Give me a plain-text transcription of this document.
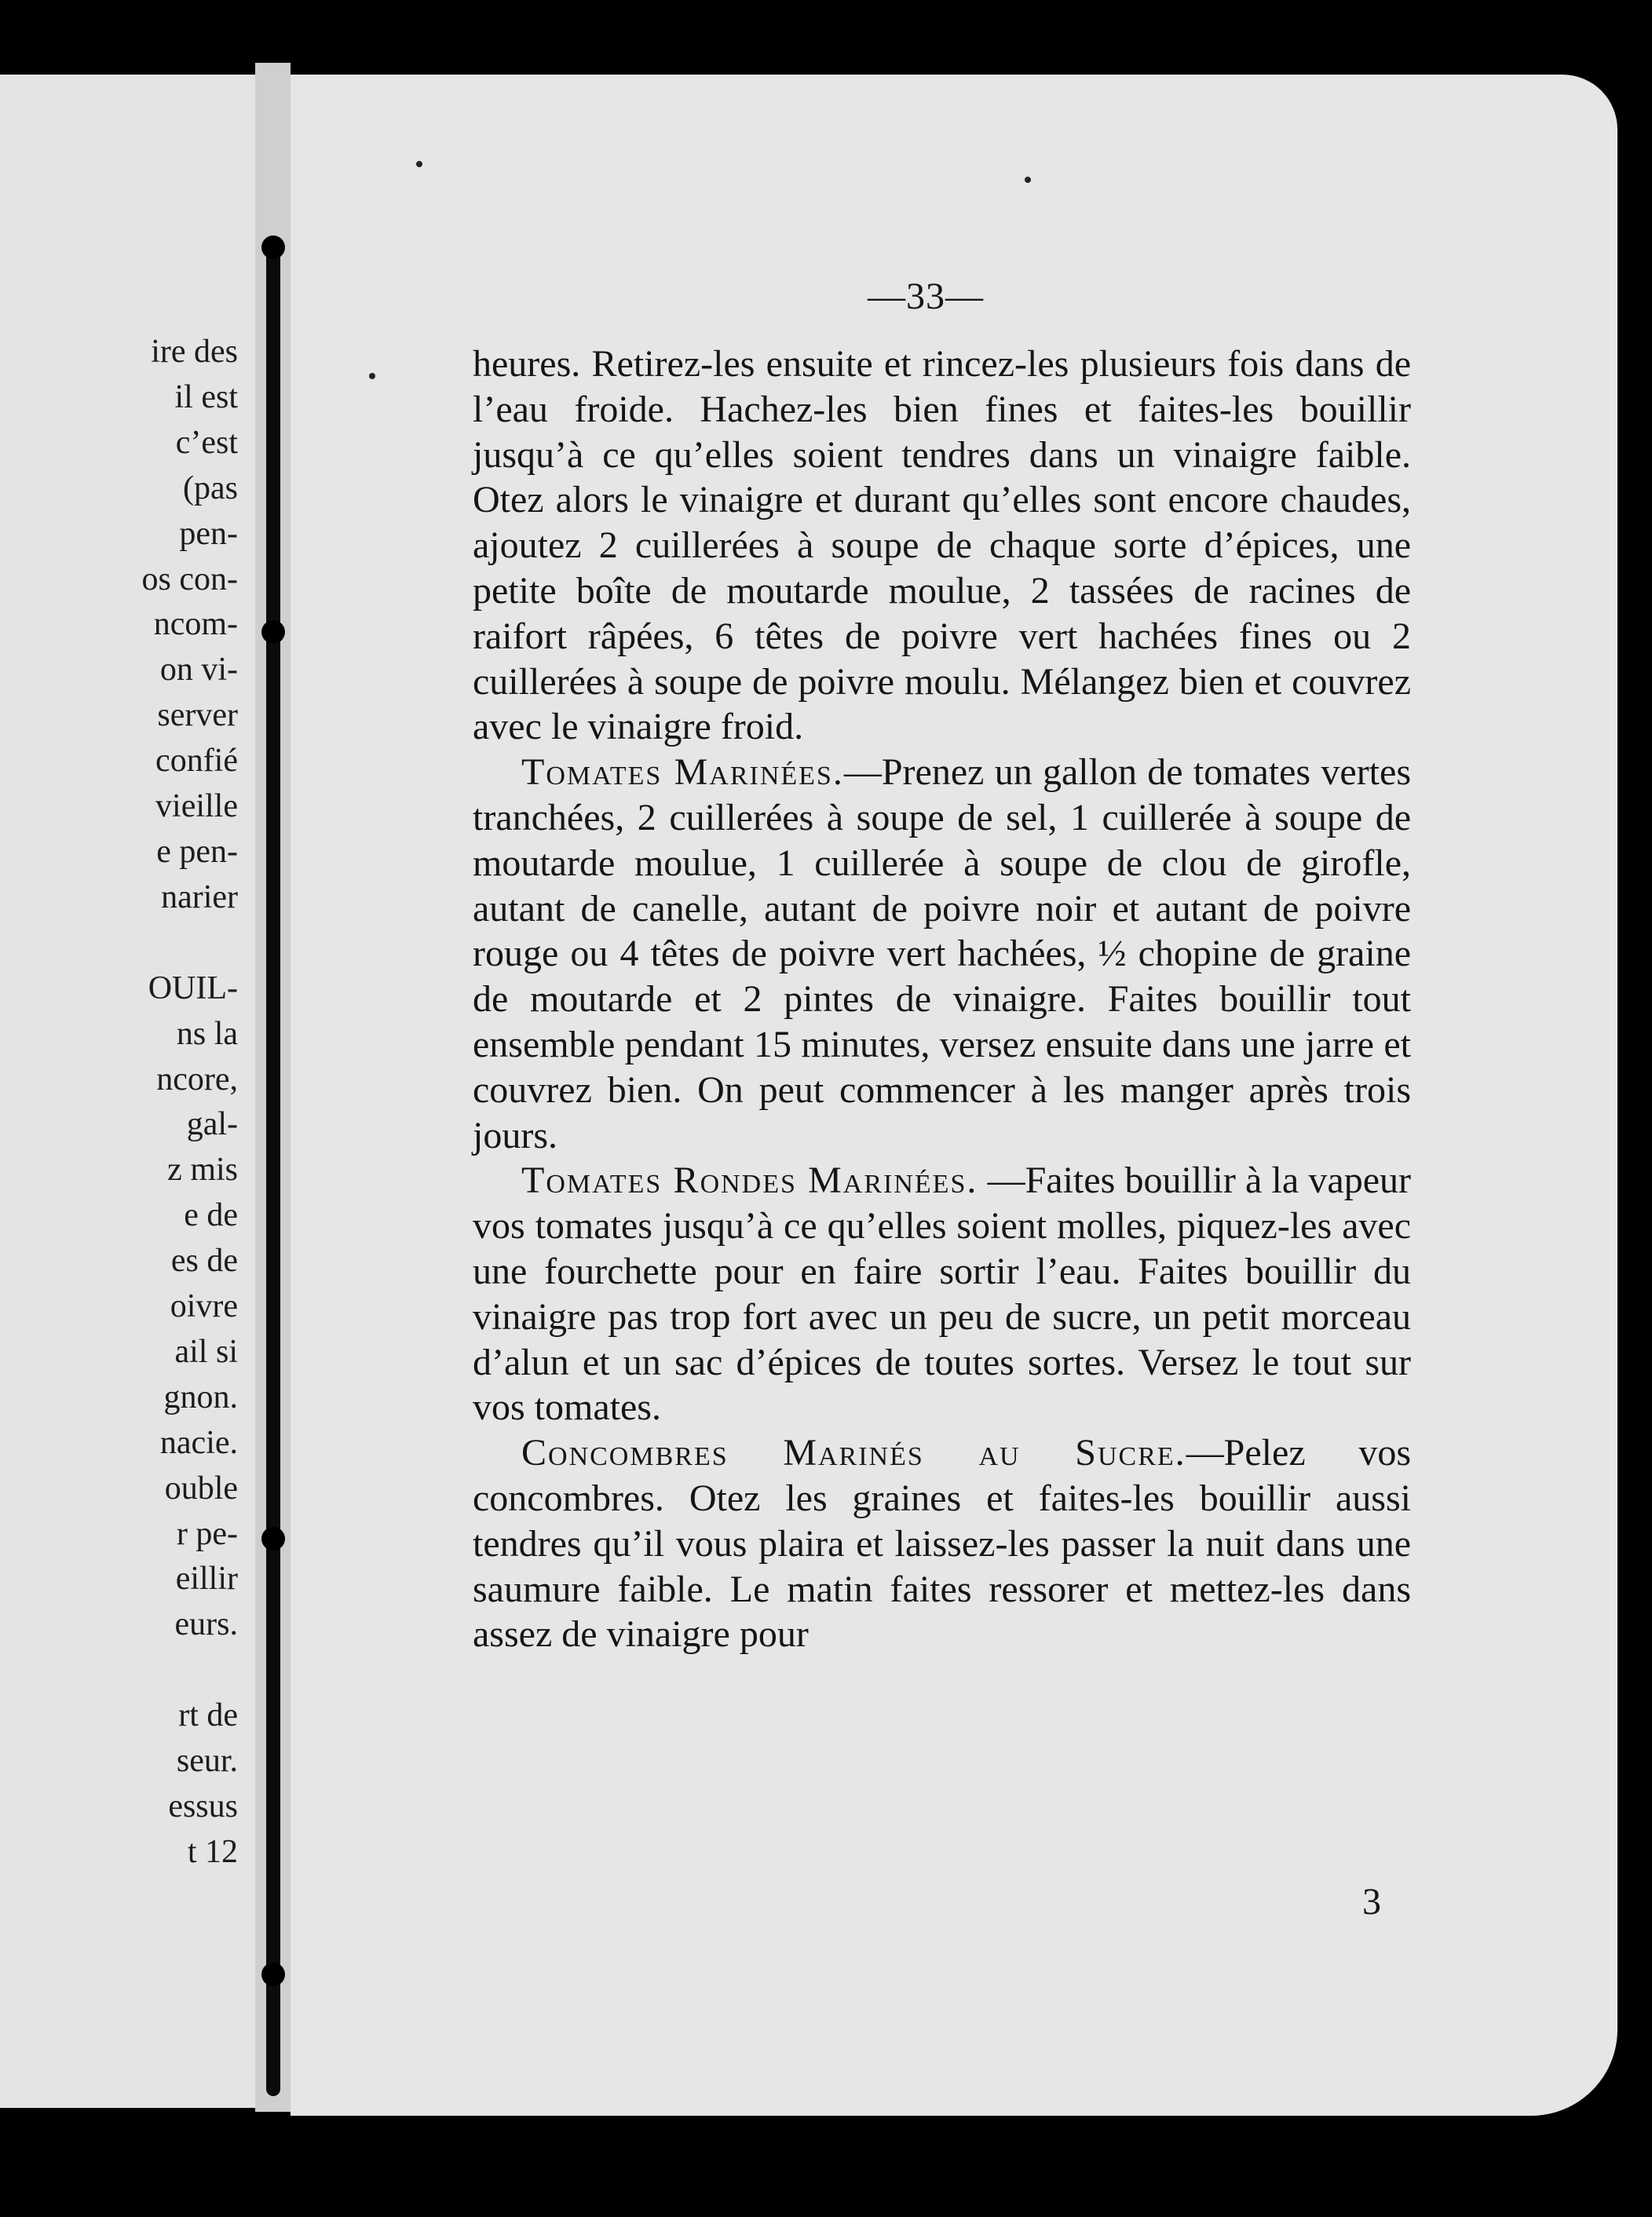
ire des
il est
c’est
(pas
pen-
os con-
ncom-
on vi-
server
confié
vieille
e pen-
narier

OUIL-
ns la
ncore,
gal-
z mis
e de
es de
oivre
ail si
gnon.
nacie.
ouble
r pe-
eillir
eurs.

rt de
seur.
essus
t 12
—33—

heures. Retirez-les ensuite et rincez-les plusieurs fois dans de l’eau froide. Hachez-les bien fines et faites-les bouillir jusqu’à ce qu’elles soient tendres dans un vinaigre faible. Otez alors le vinaigre et durant qu’elles sont encore chaudes, ajoutez 2 cuillerées à soupe de chaque sorte d’épices, une petite boîte de moutarde moulue, 2 tassées de racines de raifort râpées, 6 têtes de poivre vert hachées fines ou 2 cuillerées à soupe de poivre moulu. Mélangez bien et couvrez avec le vinaigre froid.

Tomates Marinées.—Prenez un gallon de tomates vertes tranchées, 2 cuillerées à soupe de sel, 1 cuillerée à soupe de moutarde moulue, 1 cuillerée à soupe de clou de girofle, autant de canelle, autant de poivre noir et autant de poivre rouge ou 4 têtes de poivre vert hachées, ½ chopine de graine de moutarde et 2 pintes de vinaigre. Faites bouillir tout ensemble pendant 15 minutes, versez ensuite dans une jarre et couvrez bien. On peut commencer à les manger après trois jours.

Tomates Rondes Marinées. —Faites bouillir à la vapeur vos tomates jusqu’à ce qu’elles soient molles, piquez-les avec une fourchette pour en faire sortir l’eau. Faites bouillir du vinaigre pas trop fort avec un peu de sucre, un petit morceau d’alun et un sac d’épices de toutes sortes. Versez le tout sur vos tomates.

Concombres Marinés au Sucre.—Pelez vos concombres. Otez les graines et faites-les bouillir aussi tendres qu’il vous plaira et laissez-les passer la nuit dans une saumure faible. Le matin faites ressorer et mettez-les dans assez de vinaigre pour

3
